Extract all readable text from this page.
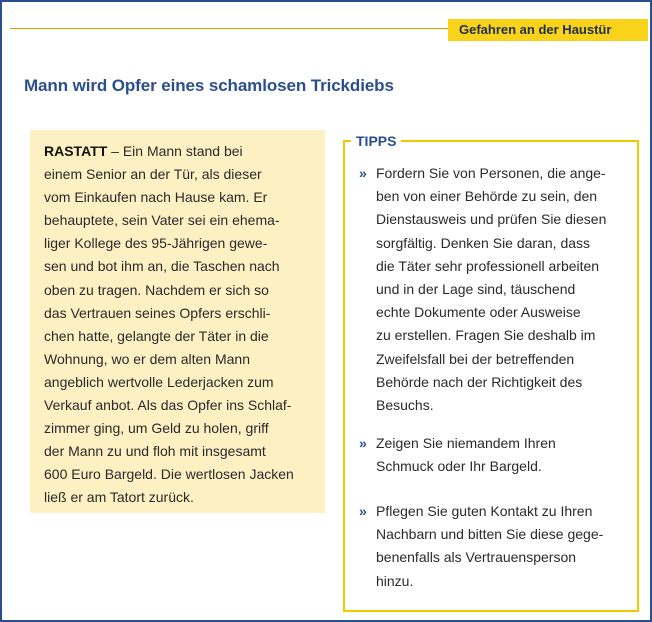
Gefahren an der Haustür
Mann wird Opfer eines schamlosen Trickdiebs
RASTATT – Ein Mann stand bei
einem Senior an der Tür, als dieser
vom Einkaufen nach Hause kam. Er
behauptete, sein Vater sei ein ehema-
liger Kollege des 95-Jährigen gewe-
sen und bot ihm an, die Taschen nach
oben zu tragen. Nachdem er sich so
das Vertrauen seines Opfers erschli-
chen hatte, gelangte der Täter in die
Wohnung, wo er dem alten Mann
angeblich wertvolle Lederjacken zum
Verkauf anbot. Als das Opfer ins Schlaf-
zimmer ging, um Geld zu holen, griff
der Mann zu und floh mit insgesamt
600 Euro Bargeld. Die wertlosen Jacken
ließ er am Tatort zurück.
TIPPS
» Fordern Sie von Personen, die ange-
ben von einer Behörde zu sein, den
Dienstausweis und prüfen Sie diesen
sorgfältig. Denken Sie daran, dass
die Täter sehr professionell arbeiten
und in der Lage sind, täuschend
echte Dokumente oder Ausweise
zu erstellen. Fragen Sie deshalb im
Zweifelsfall bei der betreffenden
Behörde nach der Richtigkeit des
Besuchs.
» Zeigen Sie niemandem Ihren
Schmuck oder Ihr Bargeld.
» Pflegen Sie guten Kontakt zu Ihren
Nachbarn und bitten Sie diese gege-
benenfalls als Vertrauensperson
hinzu.
